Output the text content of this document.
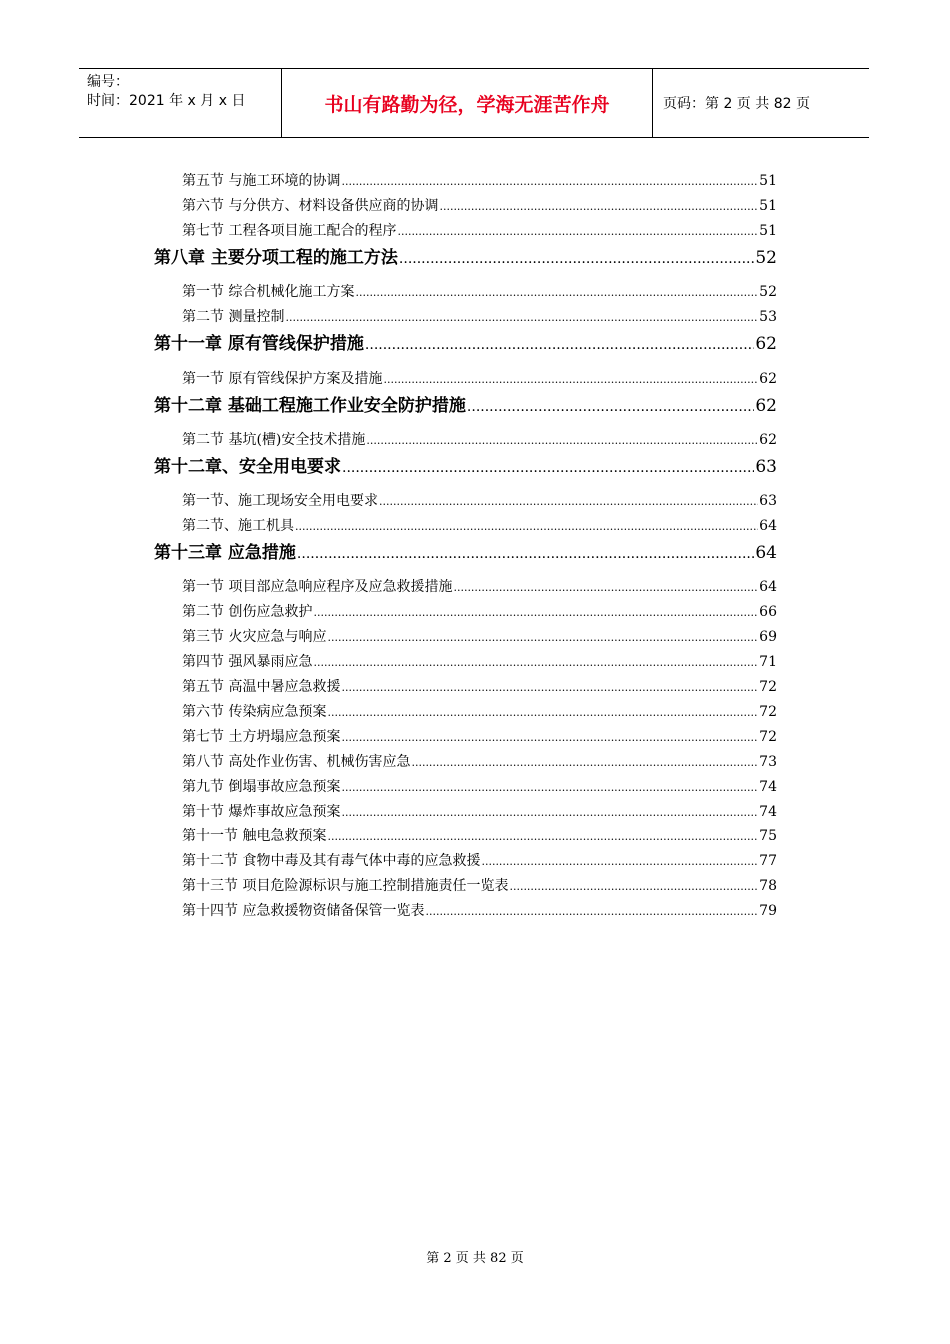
编号：
时间：2021 年 x 月 x 日	书山有路勤为径，学海无涯苦作舟	页码：第 2 页 共 82 页
第五节 与施工环境的协调 .....	51
第六节 与分供方、材料设备供应商的协调 .....	51
第七节 工程各项目施工配合的程序 .....	51
第八章 主要分项工程的施工方法 .....	52
第一节 综合机械化施工方案 .....	52
第二节 测量控制 .....	53
第十一章 原有管线保护措施 .....	62
第一节 原有管线保护方案及措施 .....	62
第十二章 基础工程施工作业安全防护措施 .....	62
第二节 基坑(槽)安全技术措施 .....	62
第十二章、安全用电要求 .....	63
第一节、施工现场安全用电要求 .....	63
第二节、施工机具 .....	64
第十三章 应急措施 .....	64
第一节 项目部应急响应程序及应急救援措施 .....	64
第二节 创伤应急救护 .....	66
第三节 火灾应急与响应 .....	69
第四节 强风暴雨应急 .....	71
第五节 高温中暑应急救援 .....	72
第六节 传染病应急预案 .....	72
第七节 土方坍塌应急预案 .....	72
第八节 高处作业伤害、机械伤害应急 .....	73
第九节 倒塌事故应急预案 .....	74
第十节 爆炸事故应急预案 .....	74
第十一节 触电急救预案 .....	75
第十二节 食物中毒及其有毒气体中毒的应急救援 .....	77
第十三节 项目危险源标识与施工控制措施责任一览表 .....	78
第十四节 应急救援物资储备保管一览表 .....	79
第 2 页 共 82 页
